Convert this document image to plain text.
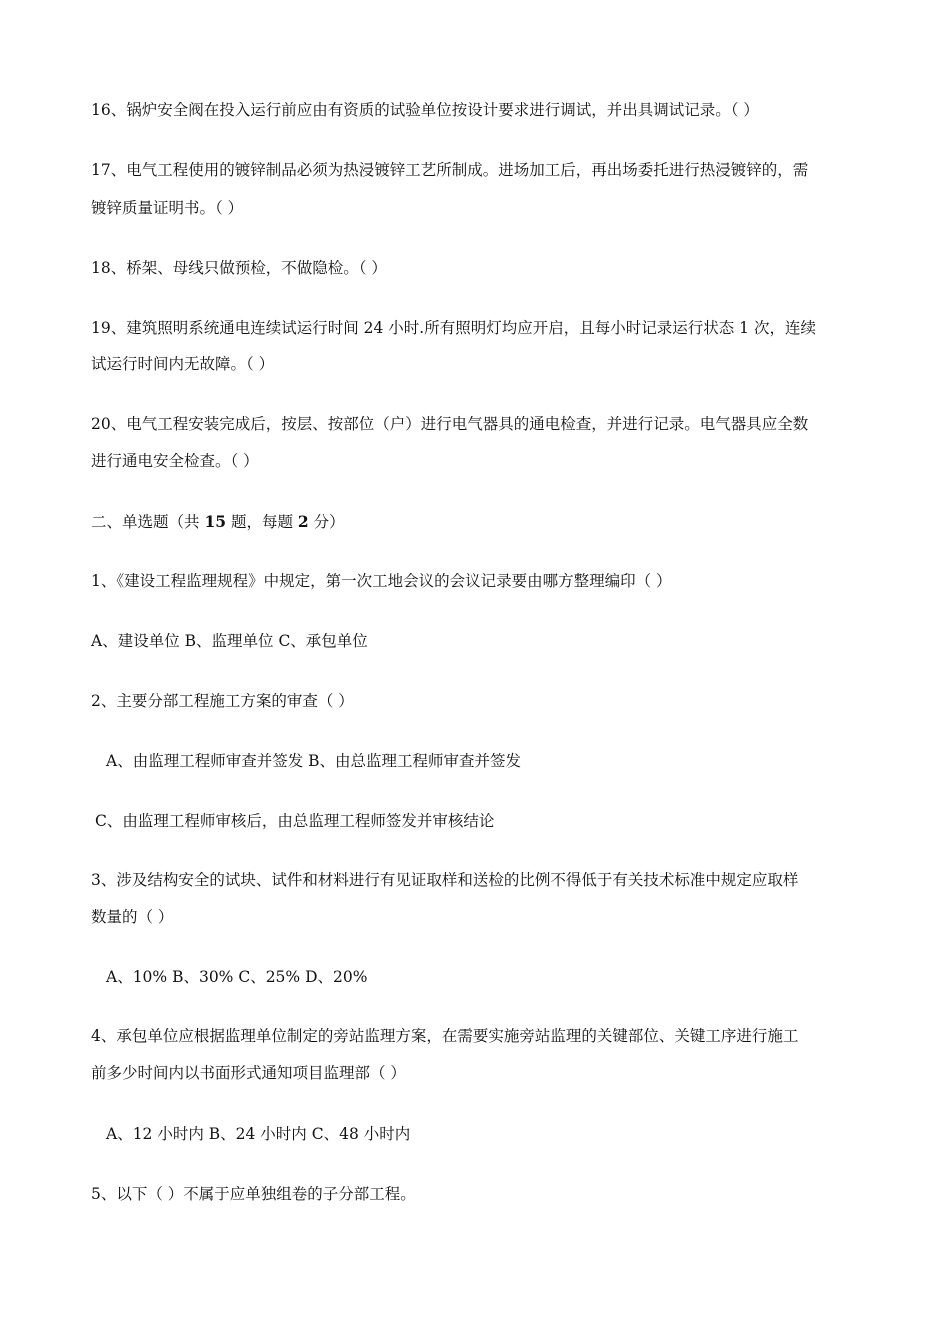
16、锅炉安全阀在投入运行前应由有资质的试验单位按设计要求进行调试，并出具调试记录。（ ）
17、电气工程使用的镀锌制品必须为热浸镀锌工艺所制成。进场加工后，再出场委托进行热浸镀锌的，需
镀锌质量证明书。（ ）
18、桥架、母线只做预检，不做隐检。（ ）
19、建筑照明系统通电连续试运行时间 24 小时.所有照明灯均应开启，且每小时记录运行状态 1 次，连续
试运行时间内无故障。（ ）
20、电气工程安装完成后，按层、按部位（户）进行电气器具的通电检查，并进行记录。电气器具应全数
进行通电安全检查。（ ）
二、单选题（共 15 题，每题 2 分）
1、《建设工程监理规程》中规定，第一次工地会议的会议记录要由哪方整理编印（ ）
A、建设单位 B、监理单位 C、承包单位
2、主要分部工程施工方案的审查（ ）
A、由监理工程师审查并签发 B、由总监理工程师审查并签发
C、由监理工程师审核后，由总监理工程师签发并审核结论
3、涉及结构安全的试块、试件和材料进行有见证取样和送检的比例不得低于有关技术标准中规定应取样
数量的（ ）
A、10% B、30% C、25% D、20%
4、承包单位应根据监理单位制定的旁站监理方案，在需要实施旁站监理的关键部位、关键工序进行施工
前多少时间内以书面形式通知项目监理部（ ）
A、12 小时内 B、24 小时内 C、48 小时内
5、以下（ ）不属于应单独组卷的子分部工程。
